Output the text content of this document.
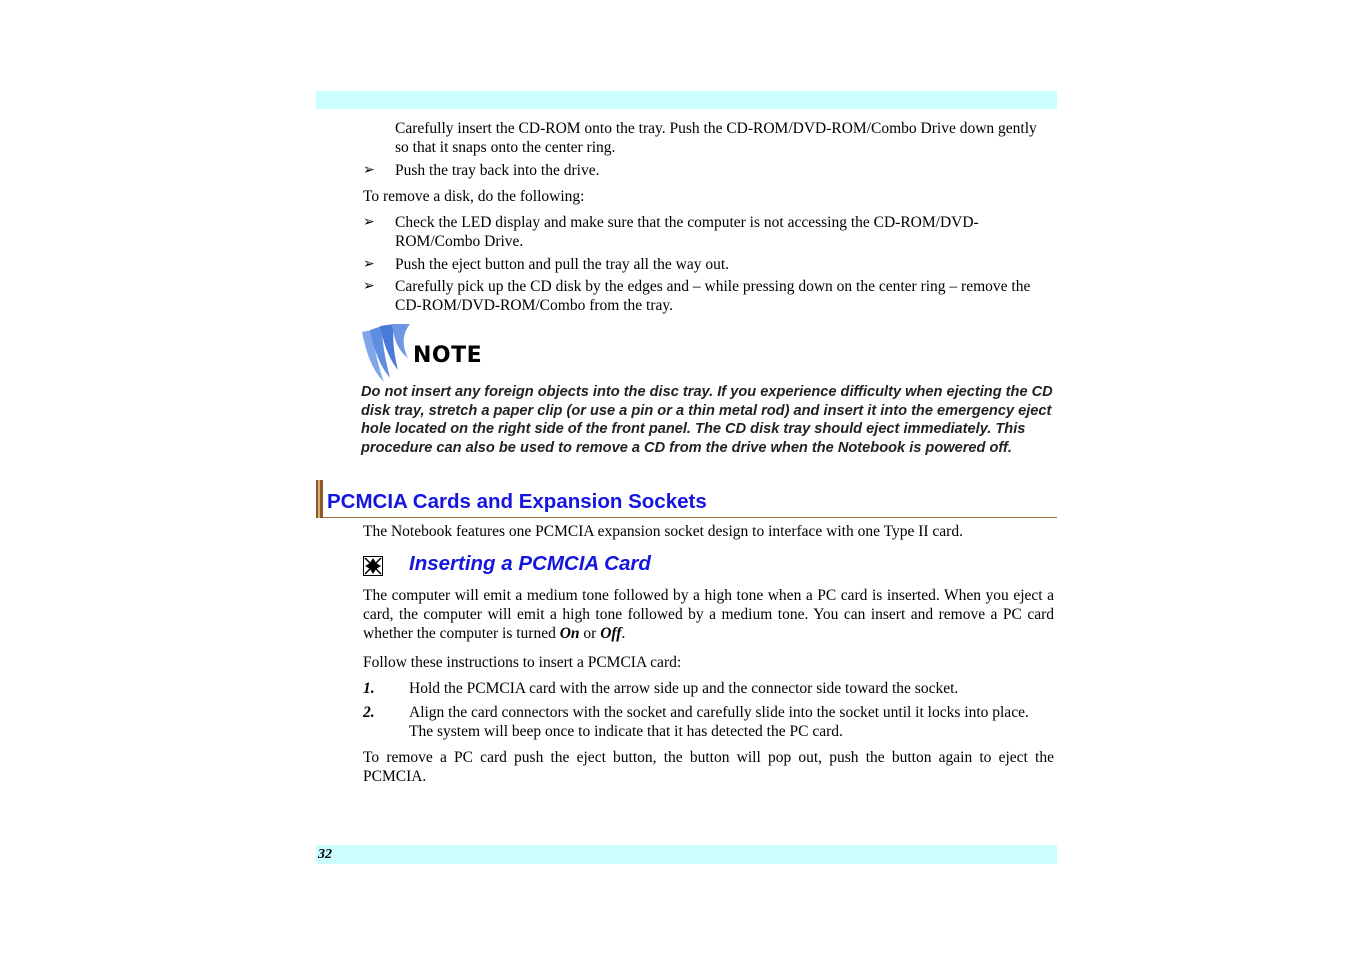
Carefully insert the CD-ROM onto the tray. Push the CD-ROM/DVD-ROM/Combo Drive down gently so that it snaps onto the center ring.
➢ Push the tray back into the drive.
To remove a disk, do the following:
➢ Check the LED display and make sure that the computer is not accessing the CD-ROM/DVD-ROM/Combo Drive.
➢ Push the eject button and pull the tray all the way out.
➢ Carefully pick up the CD disk by the edges and – while pressing down on the center ring – remove the CD-ROM/DVD-ROM/Combo from the tray.
NOTE
Do not insert any foreign objects into the disc tray. If you experience difficulty when ejecting the CD disk tray, stretch a paper clip (or use a pin or a thin metal rod) and insert it into the emergency eject hole located on the right side of the front panel. The CD disk tray should eject immediately. This procedure can also be used to remove a CD from the drive when the Notebook is powered off.
PCMCIA Cards and Expansion Sockets
The Notebook features one PCMCIA expansion socket design to interface with one Type II card.
Inserting a PCMCIA Card
The computer will emit a medium tone followed by a high tone when a PC card is inserted. When you eject a card, the computer will emit a high tone followed by a medium tone. You can insert and remove a PC card whether the computer is turned On or Off.
Follow these instructions to insert a PCMCIA card:
1. Hold the PCMCIA card with the arrow side up and the connector side toward the socket.
2. Align the card connectors with the socket and carefully slide into the socket until it locks into place. The system will beep once to indicate that it has detected the PC card.
To remove a PC card push the eject button, the button will pop out, push the button again to eject the PCMCIA.
32
